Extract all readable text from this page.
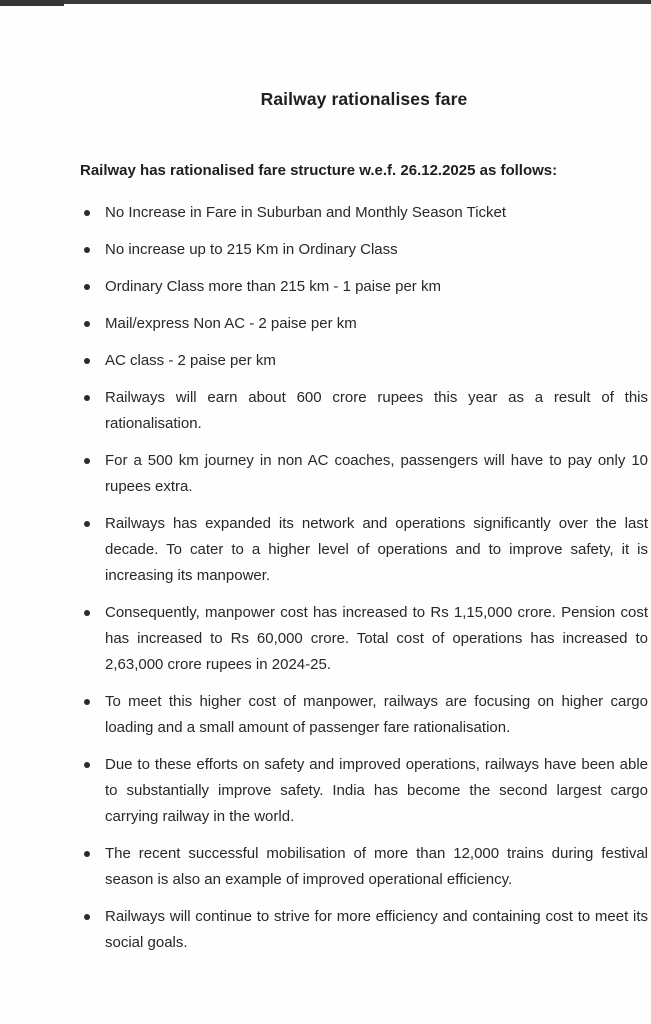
Railway rationalises fare
Railway has rationalised fare structure w.e.f. 26.12.2025 as follows:
No Increase in Fare in Suburban and Monthly Season Ticket
No increase up to 215 Km in Ordinary Class
Ordinary Class more than 215 km - 1 paise per km
Mail/express Non AC - 2 paise per km
AC class - 2 paise per km
Railways will earn about 600 crore rupees this year as a result of this rationalisation.
For a 500 km journey in non AC coaches, passengers will have to pay only 10 rupees extra.
Railways has expanded its network and operations significantly over the last decade. To cater to a higher level of operations and to improve safety, it is increasing its manpower.
Consequently, manpower cost has increased to Rs 1,15,000 crore. Pension cost has increased to Rs 60,000 crore. Total cost of operations has increased to 2,63,000 crore rupees in 2024-25.
To meet this higher cost of manpower, railways are focusing on higher cargo loading and a small amount of passenger fare rationalisation.
Due to these efforts on safety and improved operations, railways have been able to substantially improve safety. India has become the second largest cargo carrying railway in the world.
The recent successful mobilisation of more than 12,000 trains during festival season is also an example of improved operational efficiency.
Railways will continue to strive for more efficiency and containing cost to meet its social goals.
